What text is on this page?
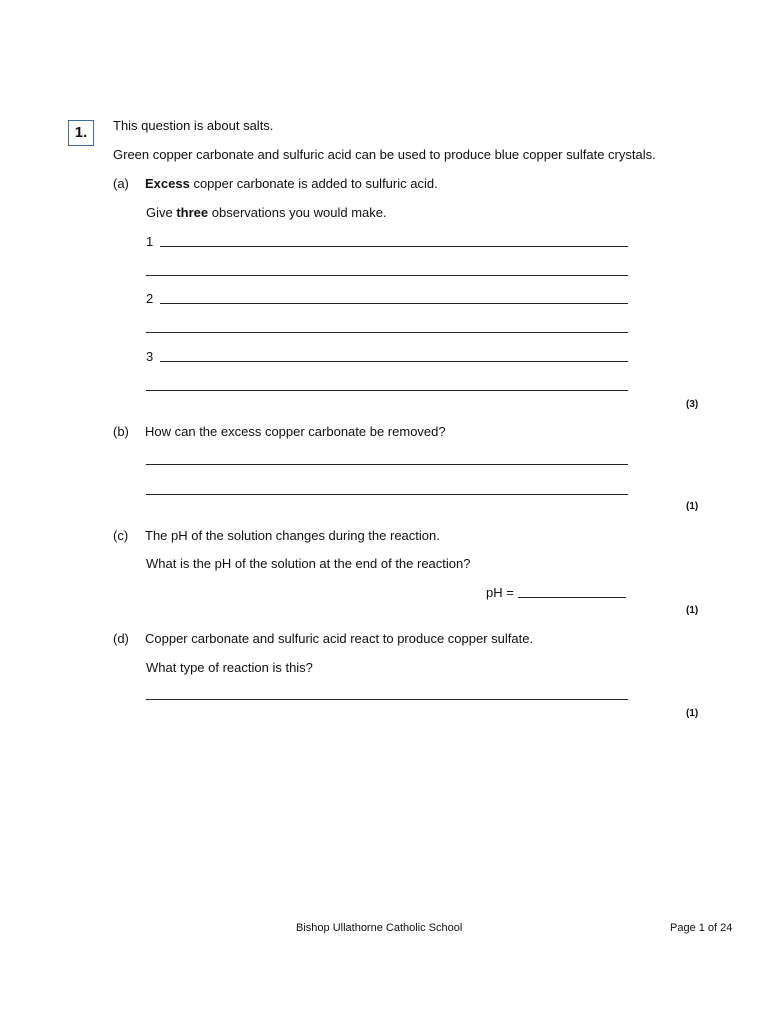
1.	This question is about salts.
Green copper carbonate and sulfuric acid can be used to produce blue copper sulfate crystals.
(a) Excess copper carbonate is added to sulfuric acid.
Give three observations you would make.
1
2
3
(3)
(b) How can the excess copper carbonate be removed?
(1)
(c) The pH of the solution changes during the reaction.
What is the pH of the solution at the end of the reaction?
pH =
(1)
(d) Copper carbonate and sulfuric acid react to produce copper sulfate.
What type of reaction is this?
(1)
Bishop Ullathorne Catholic School	Page 1 of 24
